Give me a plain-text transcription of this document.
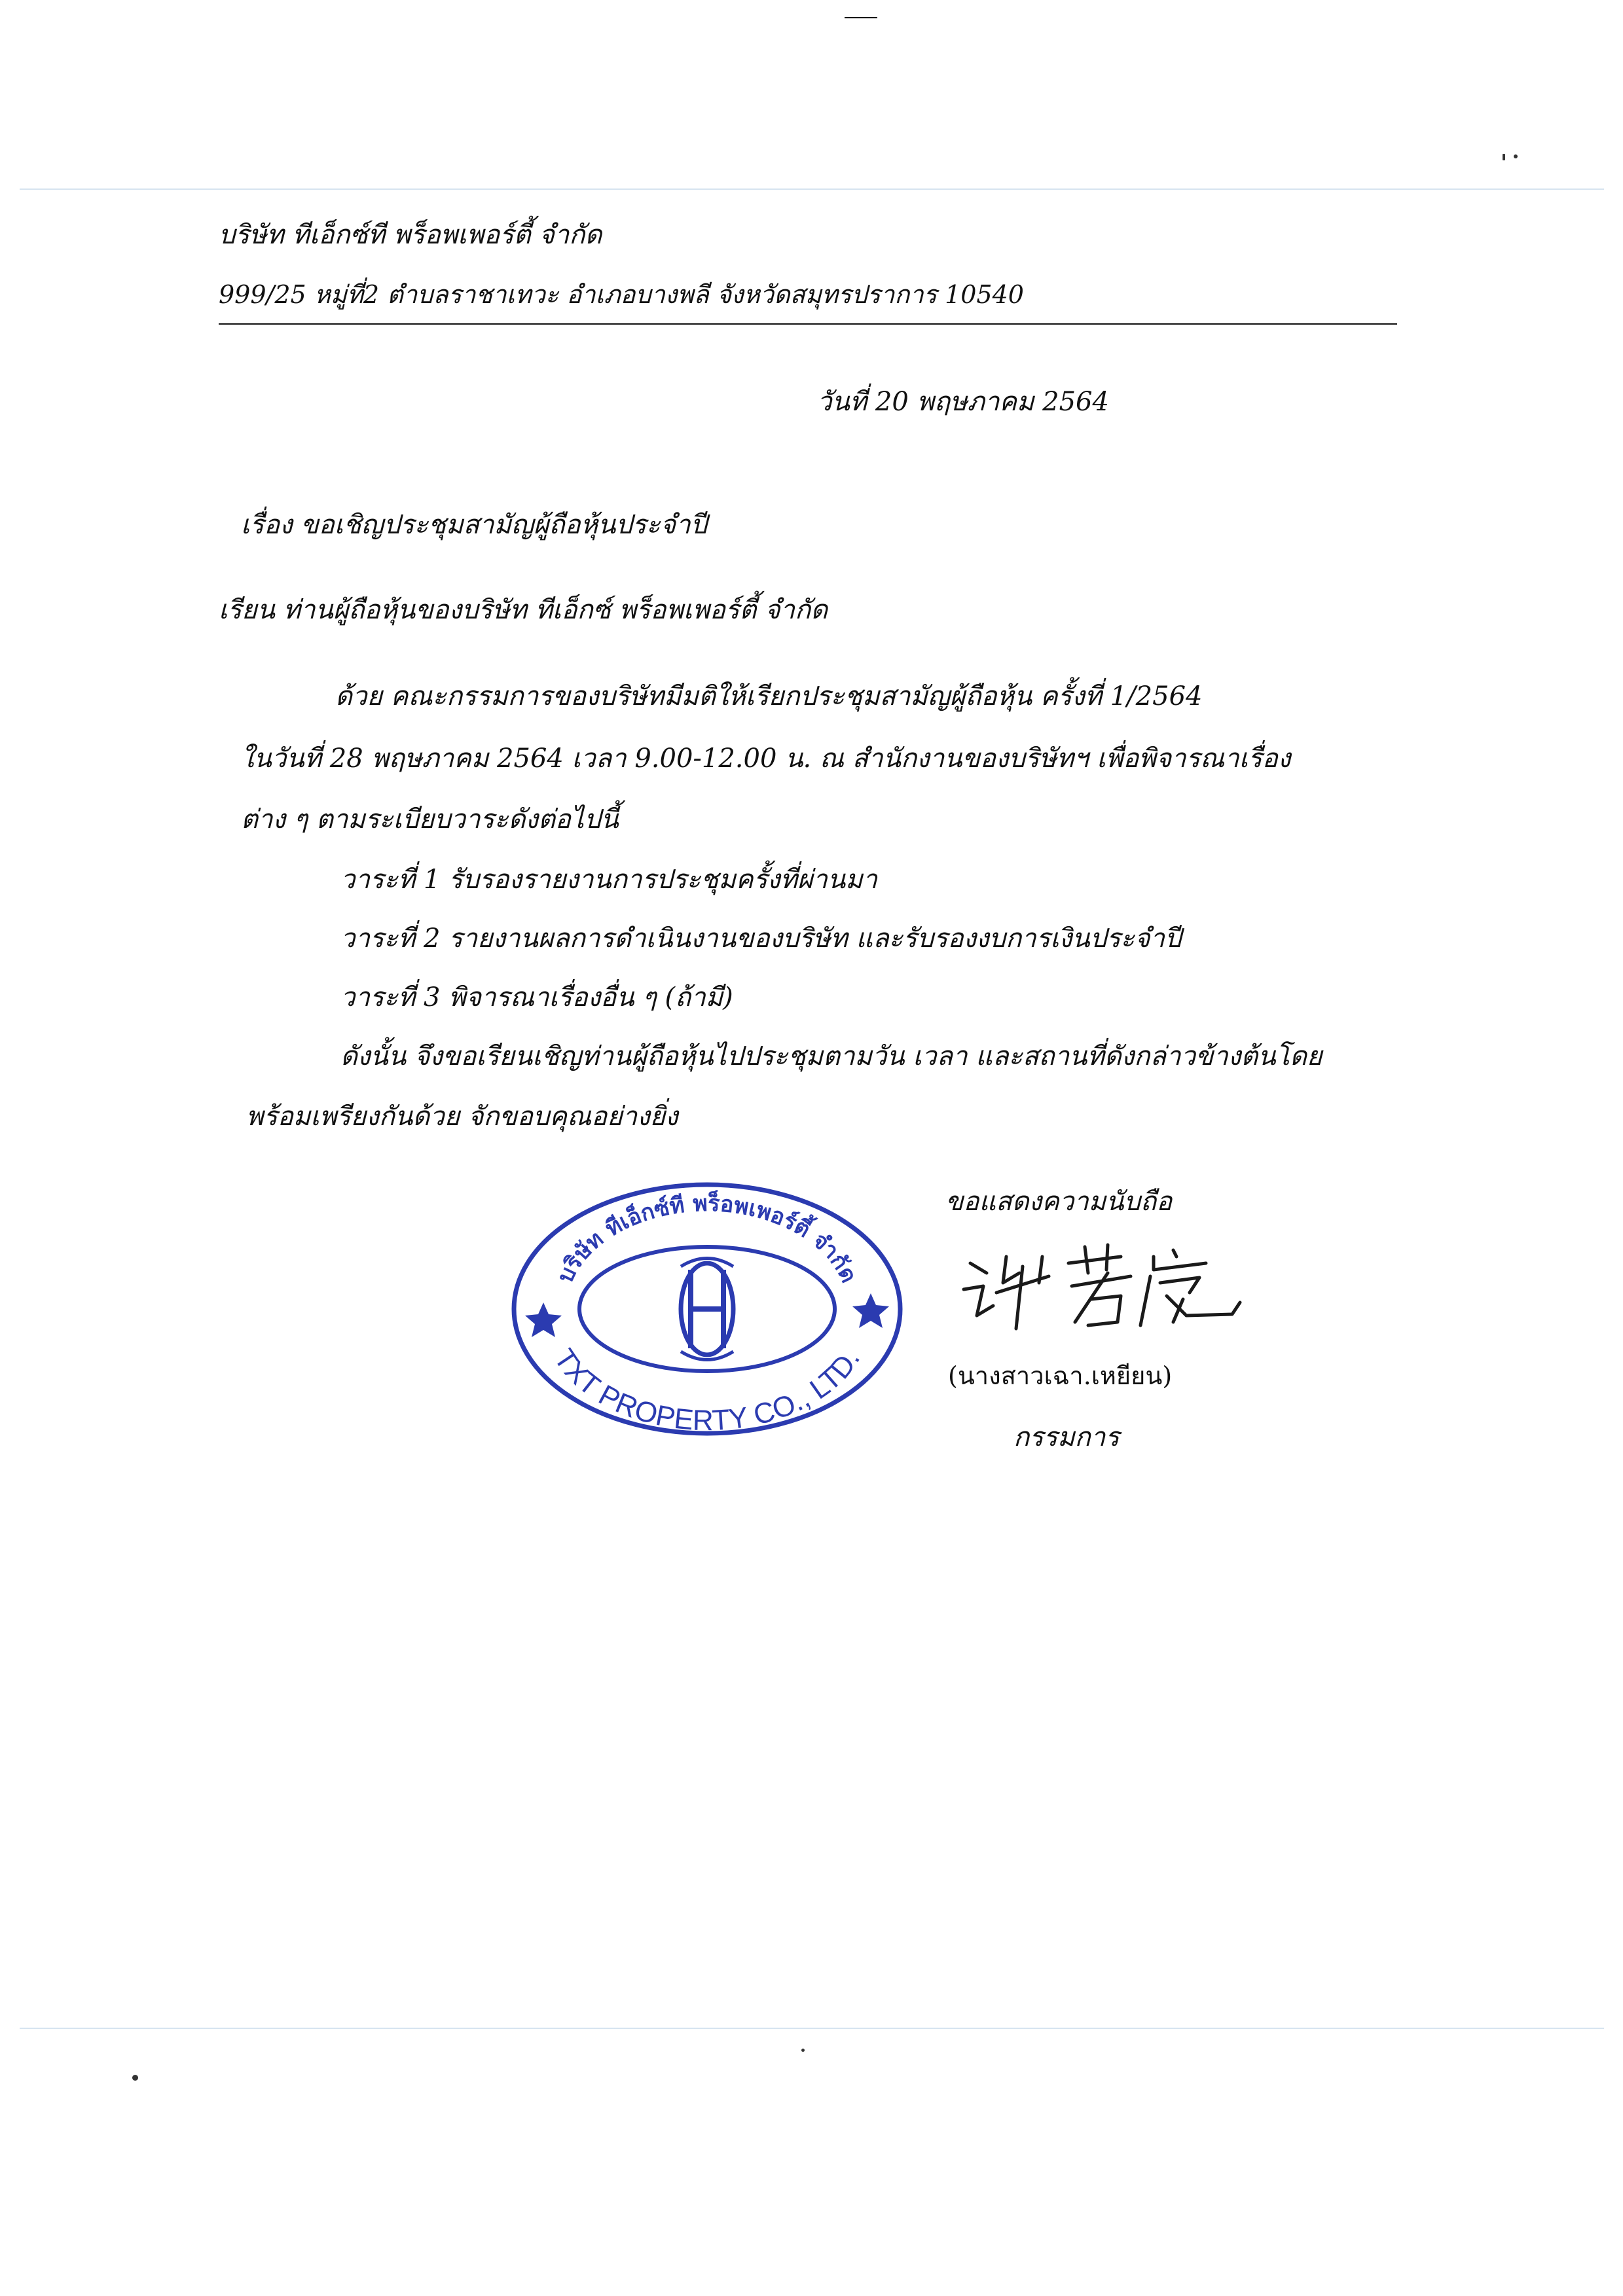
บริษัท ทีเอ็กซ์ที พร็อพเพอร์ตี้ จำกัด
999/25 หมู่ที่2 ตำบลราชาเทวะ อำเภอบางพลี จังหวัดสมุทรปราการ 10540
วันที่ 20 พฤษภาคม 2564
เรื่อง ขอเชิญประชุมสามัญผู้ถือหุ้นประจำปี
เรียน ท่านผู้ถือหุ้นของบริษัท ทีเอ็กซ์ พร็อพเพอร์ตี้ จำกัด
ด้วย คณะกรรมการของบริษัทมีมติให้เรียกประชุมสามัญผู้ถือหุ้น ครั้งที่ 1/2564
ในวันที่ 28 พฤษภาคม 2564 เวลา 9.00-12.00 น. ณ สำนักงานของบริษัทฯ เพื่อพิจารณาเรื่อง
ต่าง ๆ ตามระเบียบวาระดังต่อไปนี้
วาระที่ 1 รับรองรายงานการประชุมครั้งที่ผ่านมา
วาระที่ 2 รายงานผลการดำเนินงานของบริษัท และรับรองงบการเงินประจำปี
วาระที่ 3 พิจารณาเรื่องอื่น ๆ (ถ้ามี)
ดังนั้น จึงขอเรียนเชิญท่านผู้ถือหุ้นไปประชุมตามวัน เวลา และสถานที่ดังกล่าวข้างต้นโดย
พร้อมเพรียงกันด้วย จักขอบคุณอย่างยิ่ง
ขอแสดงความนับถือ
(นางสาวเฉา.เหยียน)
กรรมการ
บริษัท ทีเอ็กซ์ที พร็อพเพอร์ตี้ จำกัด
TXT PROPERTY CO., LTD.
